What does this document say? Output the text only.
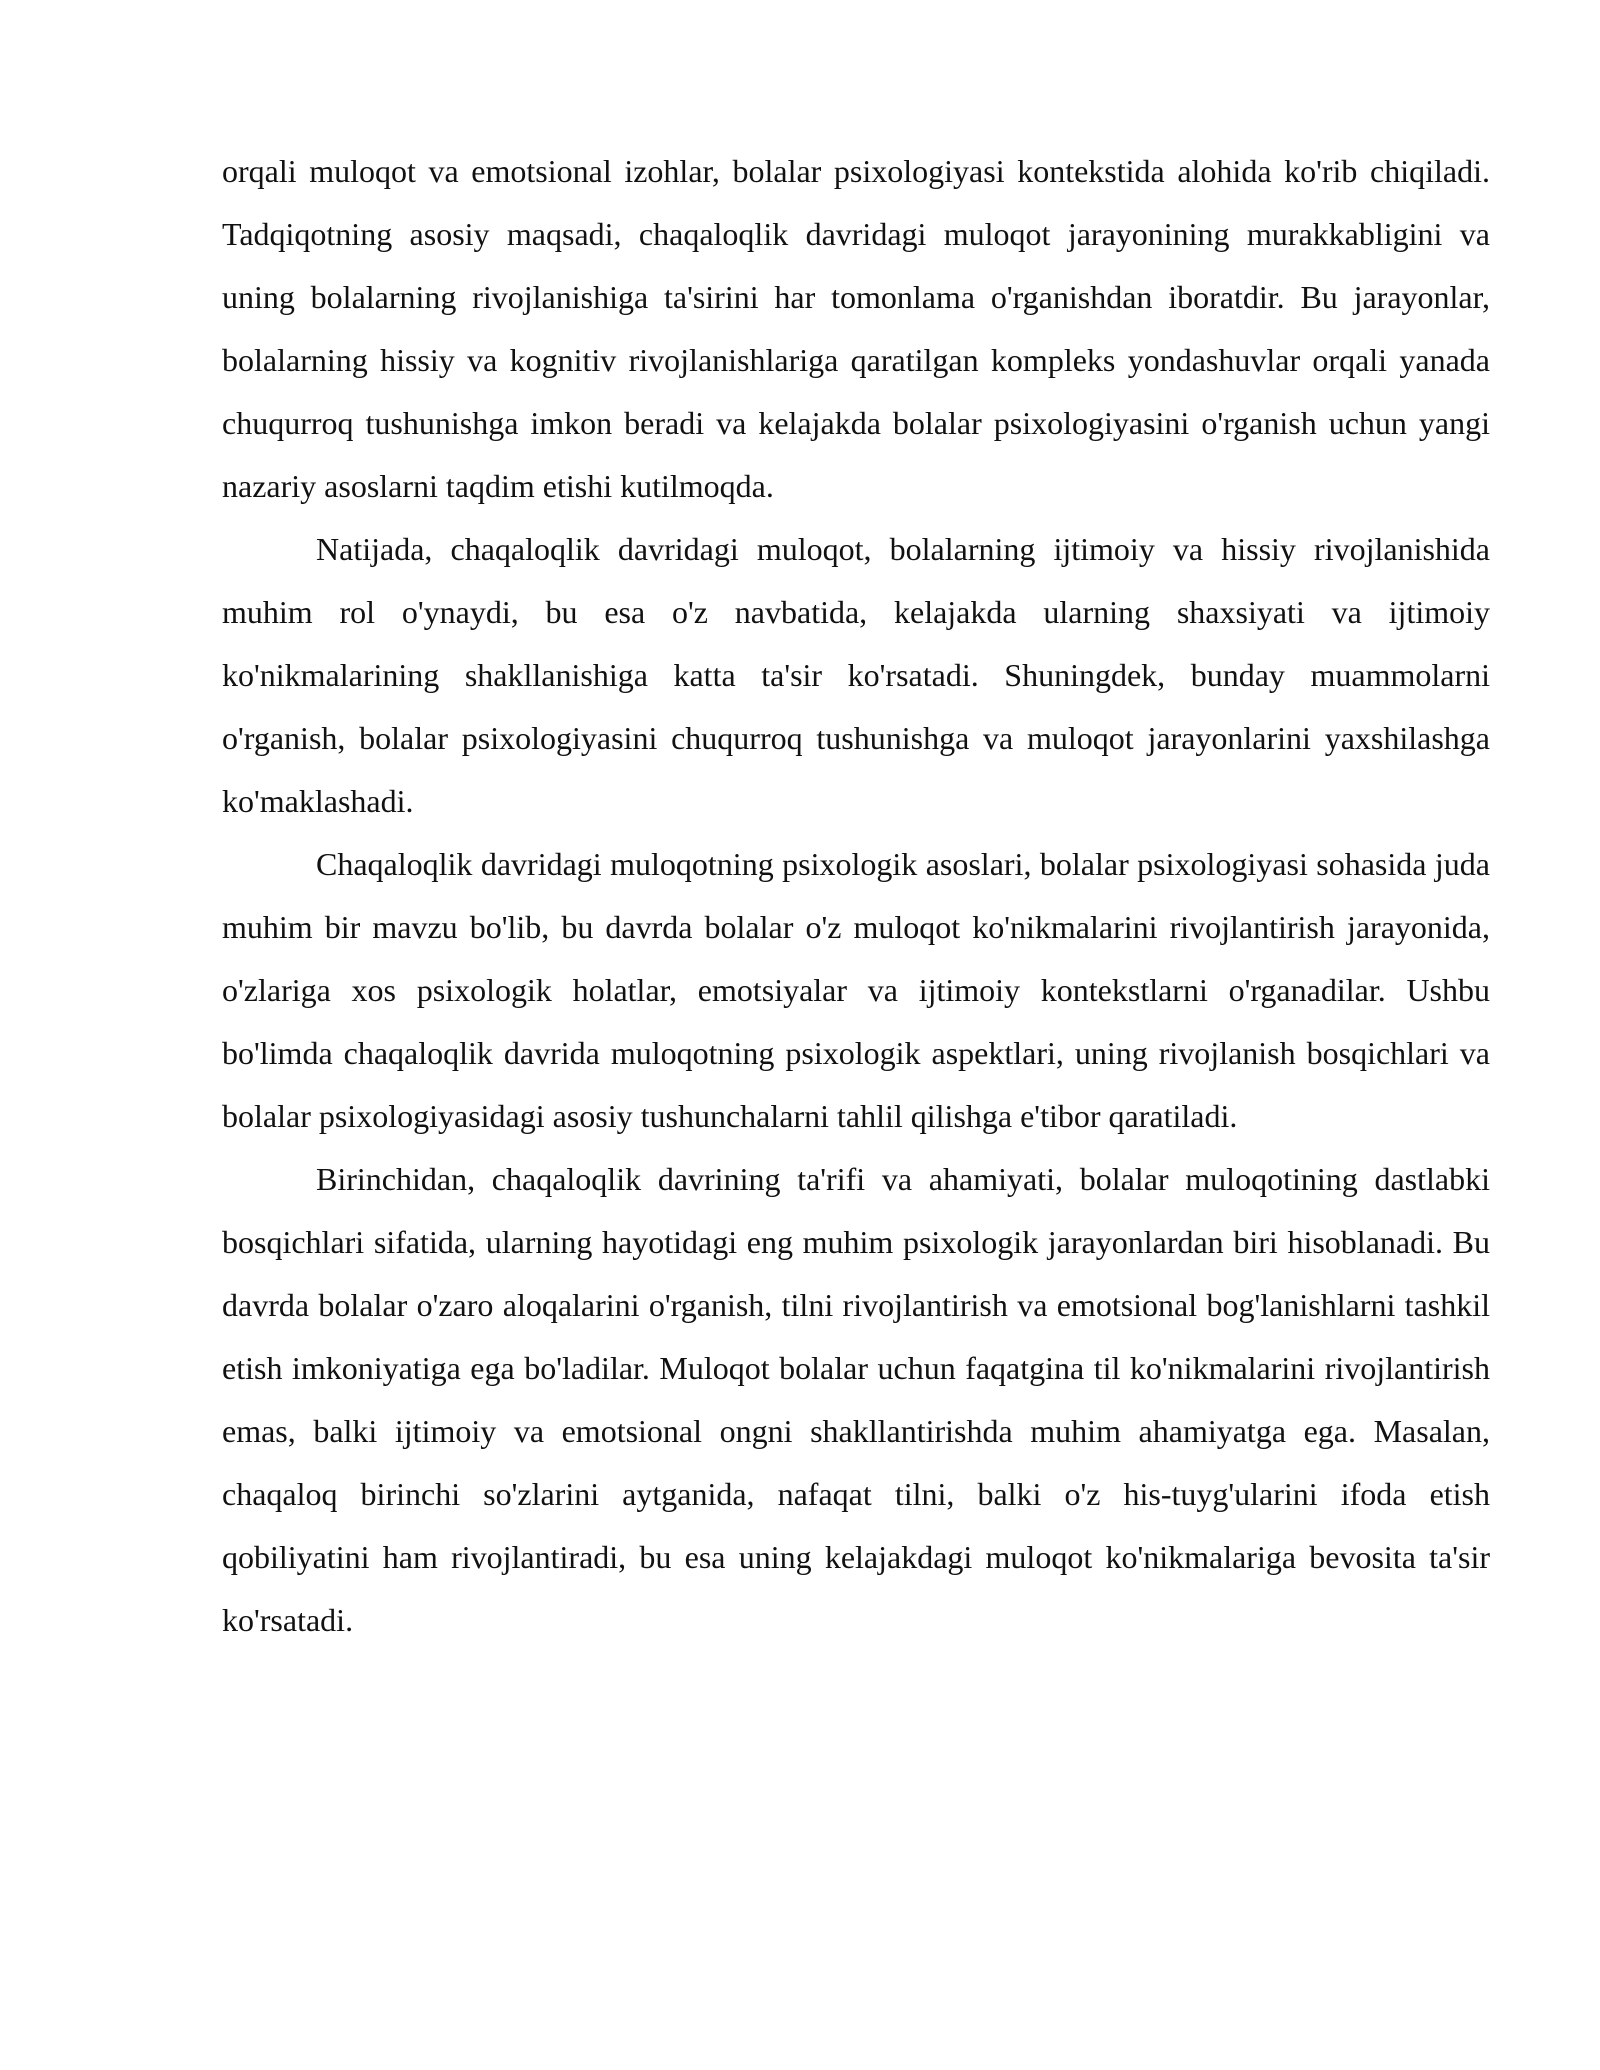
orqali muloqot va emotsional izohlar, bolalar psixologiyasi kontekstida alohida ko'rib chiqiladi. Tadqiqotning asosiy maqsadi, chaqaloqlik davridagi muloqot jarayonining murakkabligini va uning bolalarning rivojlanishiga ta'sirini har tomonlama o'rganishdan iboratdir. Bu jarayonlar, bolalarning hissiy va kognitiv rivojlanishlariga qaratilgan kompleks yondashuvlar orqali yanada chuqurroq tushunishga imkon beradi va kelajakda bolalar psixologiyasini o'rganish uchun yangi nazariy asoslarni taqdim etishi kutilmoqda.

Natijada, chaqaloqlik davridagi muloqot, bolalarning ijtimoiy va hissiy rivojlanishida muhim rol o'ynaydi, bu esa o'z navbatida, kelajakda ularning shaxsiyati va ijtimoiy ko'nikmalarining shakllanishiga katta ta'sir ko'rsatadi. Shuningdek, bunday muammolarni o'rganish, bolalar psixologiyasini chuqurroq tushunishga va muloqot jarayonlarini yaxshilashga ko'maklashadi.

Chaqaloqlik davridagi muloqotning psixologik asoslari, bolalar psixologiyasi sohasida juda muhim bir mavzu bo'lib, bu davrda bolalar o'z muloqot ko'nikmalarini rivojlantirish jarayonida, o'zlariga xos psixologik holatlar, emotsiyalar va ijtimoiy kontekstlarni o'rganadilar. Ushbu bo'limda chaqaloqlik davrida muloqotning psixologik aspektlari, uning rivojlanish bosqichlari va bolalar psixologiyasidagi asosiy tushunchalarni tahlil qilishga e'tibor qaratiladi.

Birinchidan, chaqaloqlik davrining ta'rifi va ahamiyati, bolalar muloqotining dastlabki bosqichlari sifatida, ularning hayotidagi eng muhim psixologik jarayonlardan biri hisoblanadi. Bu davrda bolalar o'zaro aloqalarini o'rganish, tilni rivojlantirish va emotsional bog'lanishlarni tashkil etish imkoniyatiga ega bo'ladilar. Muloqot bolalar uchun faqatgina til ko'nikmalarini rivojlantirish emas, balki ijtimoiy va emotsional ongni shakllantirishda muhim ahamiyatga ega. Masalan, chaqaloq birinchi so'zlarini aytganida, nafaqat tilni, balki o'z his-tuyg'ularini ifoda etish qobiliyatini ham rivojlantiradi, bu esa uning kelajakdagi muloqot ko'nikmalariga bevosita ta'sir ko'rsatadi.
